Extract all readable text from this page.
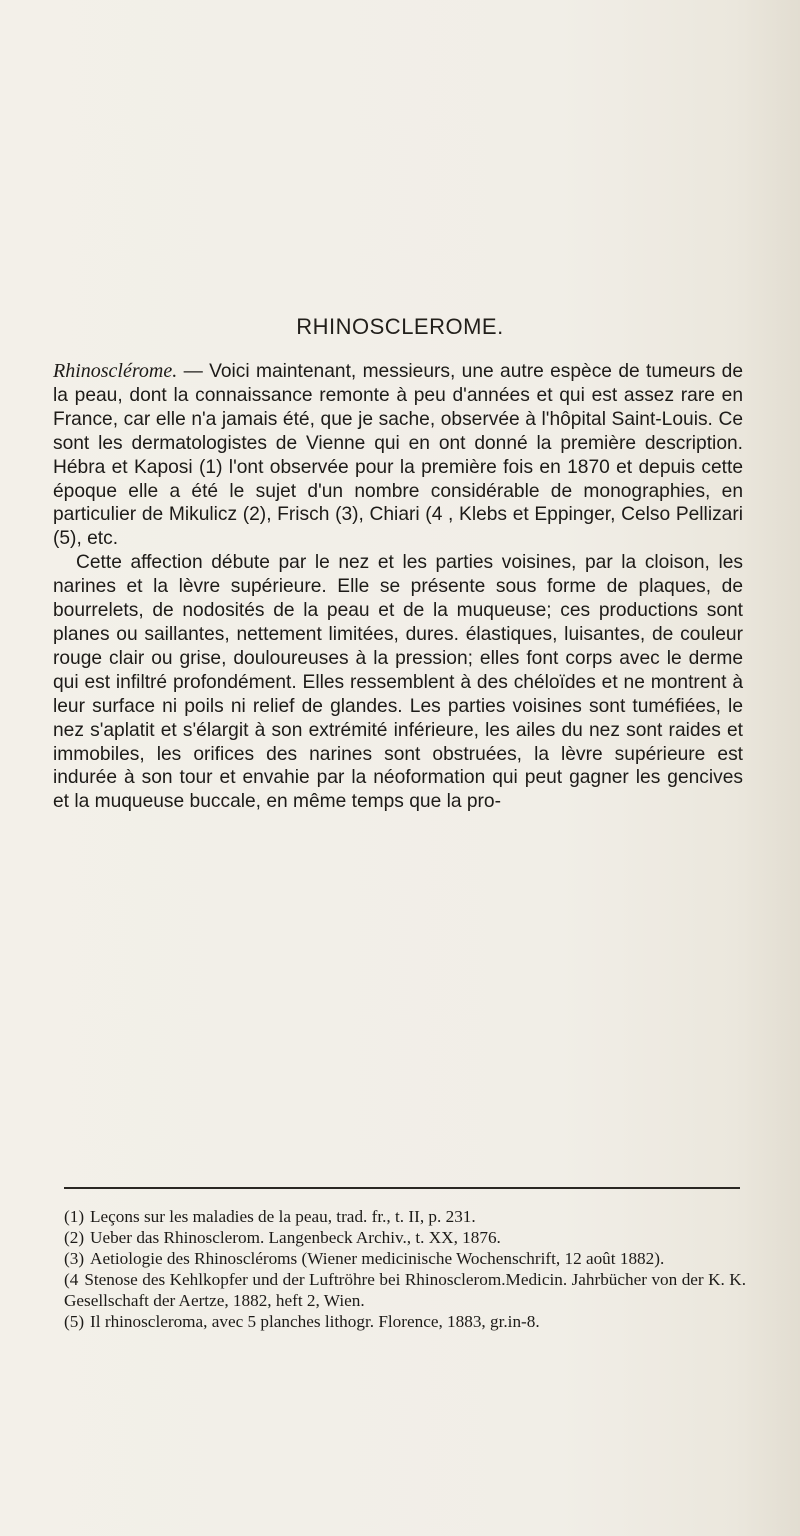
RHINOSCLEROME.

Rhinosclérome. — Voici maintenant, messieurs, une autre espèce de tumeurs de la peau, dont la connaissance remonte à peu d'années et qui est assez rare en France, car elle n'a jamais été, que je sache, observée à l'hôpital Saint-Louis. Ce sont les dermatologistes de Vienne qui en ont donné la première description. Hébra et Kaposi (1) l'ont observée pour la première fois en 1870 et depuis cette époque elle a été le sujet d'un nombre considérable de monographies, en particulier de Mikulicz (2), Frisch (3), Chiari (4 , Klebs et Eppinger, Celso Pellizari (5), etc.

Cette affection débute par le nez et les parties voisines, par la cloison, les narines et la lèvre supérieure. Elle se présente sous forme de plaques, de bourrelets, de nodosités de la peau et de la muqueuse; ces productions sont planes ou saillantes, nettement limitées, dures. élastiques, luisantes, de couleur rouge clair ou grise, douloureuses à la pression; elles font corps avec le derme qui est infiltré profondément. Elles ressemblent à des chéloïdes et ne montrent à leur surface ni poils ni relief de glandes. Les parties voisines sont tuméfiées, le nez s'aplatit et s'élargit à son extrémité inférieure, les ailes du nez sont raides et immobiles, les orifices des narines sont obstruées, la lèvre supérieure est indurée à son tour et envahie par la néoformation qui peut gagner les gencives et la muqueuse buccale, en même temps que la pro-

(1) Leçons sur les maladies de la peau, trad. fr., t. II, p. 231.

(2) Ueber das Rhinosclerom. Langenbeck Archiv., t. XX, 1876.

(3) Aetiologie des Rhinoscléroms (Wiener medicinische Wochenschrift, 12 août 1882).

(4 Stenose des Kehlkopfer und der Luftröhre bei Rhinosclerom.Medicin. Jahrbücher von der K. K. Gesellschaft der Aertze, 1882, heft 2, Wien.

(5) Il rhinoscleroma, avec 5 planches lithogr. Florence, 1883, gr.in-8.
